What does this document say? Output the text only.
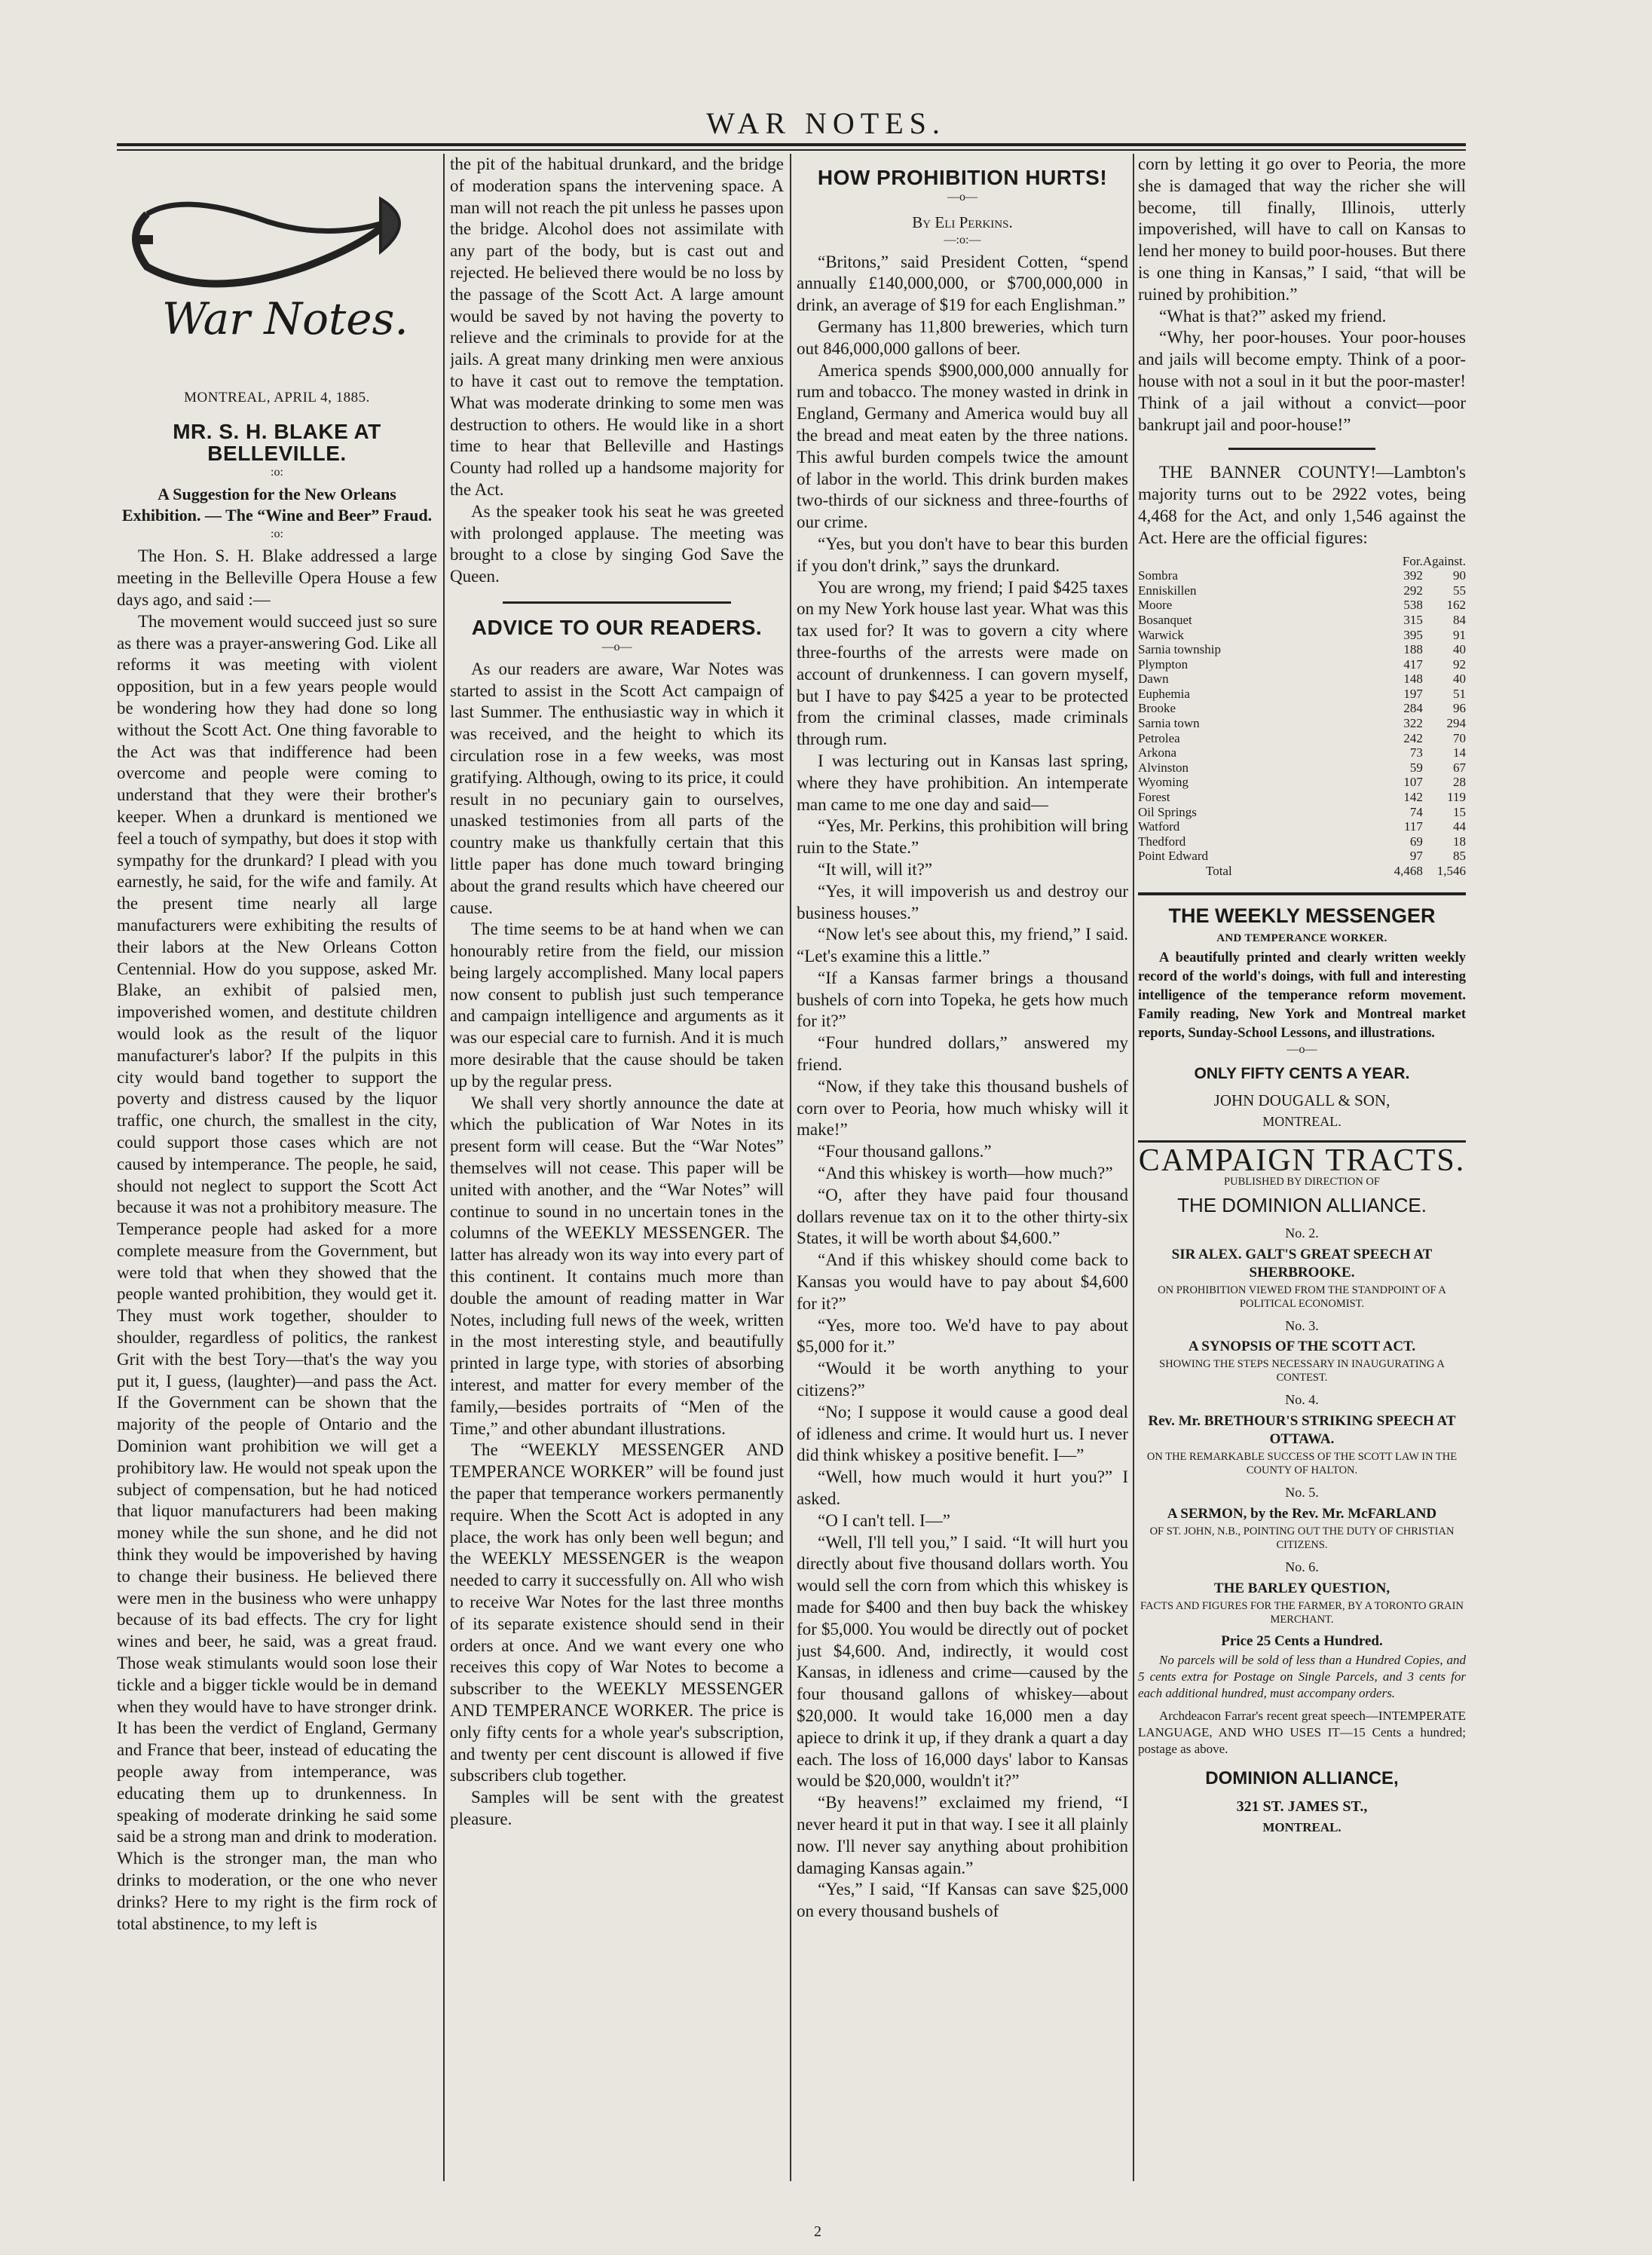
WAR NOTES.
War Notes.
MONTREAL, APRIL 4, 1885.
MR. S. H. BLAKE AT BELLEVILLE.
:o:
A Suggestion for the New Orleans Exhibition. — The “Wine and Beer” Fraud.
:o:

The Hon. S. H. Blake addressed a large meeting in the Belleville Opera House a few days ago, and said :—

The movement would succeed just so sure as there was a prayer-answering God. Like all reforms it was meeting with violent opposition, but in a few years people would be wondering how they had done so long without the Scott Act. One thing favorable to the Act was that indifference had been overcome and people were coming to understand that they were their brother's keeper. When a drunkard is mentioned we feel a touch of sympathy, but does it stop with sympathy for the drunkard? I plead with you earnestly, he said, for the wife and family. At the present time nearly all large manufacturers were exhibiting the results of their labors at the New Orleans Cotton Centennial. How do you suppose, asked Mr. Blake, an exhibit of palsied men, impoverished women, and destitute children would look as the result of the liquor manufacturer's labor? If the pulpits in this city would band together to support the poverty and distress caused by the liquor traffic, one church, the smallest in the city, could support those cases which are not caused by intemperance. The people, he said, should not neglect to support the Scott Act because it was not a prohibitory measure. The Temperance people had asked for a more complete measure from the Government, but were told that when they showed that the people wanted prohibition, they would get it. They must work together, shoulder to shoulder, regardless of politics, the rankest Grit with the best Tory—that's the way you put it, I guess, (laughter)—and pass the Act. If the Government can be shown that the majority of the people of Ontario and the Dominion want prohibition we will get a prohibitory law. He would not speak upon the subject of compensation, but he had noticed that liquor manufacturers had been making money while the sun shone, and he did not think they would be impoverished by having to change their business. He believed there were men in the business who were unhappy because of its bad effects. The cry for light wines and beer, he said, was a great fraud. Those weak stimulants would soon lose their tickle and a bigger tickle would be in demand when they would have to have stronger drink. It has been the verdict of England, Germany and France that beer, instead of educating the people away from intemperance, was educating them up to drunkenness. In speaking of moderate drinking he said some said be a strong man and drink to moderation. Which is the stronger man, the man who drinks to moderation, or the one who never drinks? Here to my right is the firm rock of total abstinence, to my left is

the pit of the habitual drunkard, and the bridge of moderation spans the intervening space. A man will not reach the pit unless he passes upon the bridge. Alcohol does not assimilate with any part of the body, but is cast out and rejected. He believed there would be no loss by the passage of the Scott Act. A large amount would be saved by not having the poverty to relieve and the criminals to provide for at the jails. A great many drinking men were anxious to have it cast out to remove the temptation. What was moderate drinking to some men was destruction to others. He would like in a short time to hear that Belleville and Hastings County had rolled up a handsome majority for the Act.

As the speaker took his seat he was greeted with prolonged applause. The meeting was brought to a close by singing God Save the Queen.

ADVICE TO OUR READERS.
—o—

As our readers are aware, War Notes was started to assist in the Scott Act campaign of last Summer. The enthusiastic way in which it was received, and the height to which its circulation rose in a few weeks, was most gratifying. Although, owing to its price, it could result in no pecuniary gain to ourselves, unasked testimonies from all parts of the country make us thankfully certain that this little paper has done much toward bringing about the grand results which have cheered our cause.

The time seems to be at hand when we can honourably retire from the field, our mission being largely accomplished. Many local papers now consent to publish just such temperance and campaign intelligence and arguments as it was our especial care to furnish. And it is much more desirable that the cause should be taken up by the regular press.

We shall very shortly announce the date at which the publication of War Notes in its present form will cease. But the “War Notes” themselves will not cease. This paper will be united with another, and the “War Notes” will continue to sound in no uncertain tones in the columns of the WEEKLY MESSENGER. The latter has already won its way into every part of this continent. It contains much more than double the amount of reading matter in War Notes, including full news of the week, written in the most interesting style, and beautifully printed in large type, with stories of absorbing interest, and matter for every member of the family,—besides portraits of “Men of the Time,” and other abundant illustrations.

The “WEEKLY MESSENGER AND TEMPERANCE WORKER” will be found just the paper that temperance workers permanently require. When the Scott Act is adopted in any place, the work has only been well begun; and the WEEKLY MESSENGER is the weapon needed to carry it successfully on. All who wish to receive War Notes for the last three months of its separate existence should send in their orders at once. And we want every one who receives this copy of War Notes to become a subscriber to the WEEKLY MESSENGER AND TEMPERANCE WORKER. The price is only fifty cents for a whole year's subscription, and twenty per cent discount is allowed if five subscribers club together.

Samples will be sent with the greatest pleasure.

HOW PROHIBITION HURTS!
—o—
By Eli Perkins.
—:o:—

“Britons,” said President Cotten, “spend annually £140,000,000, or $700,000,000 in drink, an average of $19 for each Englishman.”

Germany has 11,800 breweries, which turn out 846,000,000 gallons of beer.

America spends $900,000,000 annually for rum and tobacco. The money wasted in drink in England, Germany and America would buy all the bread and meat eaten by the three nations. This awful burden compels twice the amount of labor in the world. This drink burden makes two-thirds of our sickness and three-fourths of our crime.

“Yes, but you don't have to bear this burden if you don't drink,” says the drunkard.

You are wrong, my friend; I paid $425 taxes on my New York house last year. What was this tax used for? It was to govern a city where three-fourths of the arrests were made on account of drunkenness. I can govern myself, but I have to pay $425 a year to be protected from the criminal classes, made criminals through rum.

I was lecturing out in Kansas last spring, where they have prohibition. An intemperate man came to me one day and said—

“Yes, Mr. Perkins, this prohibition will bring ruin to the State.”

“It will, will it?”

“Yes, it will impoverish us and destroy our business houses.”

“Now let's see about this, my friend,” I said. “Let's examine this a little.”

“If a Kansas farmer brings a thousand bushels of corn into Topeka, he gets how much for it?”

“Four hundred dollars,” answered my friend.

“Now, if they take this thousand bushels of corn over to Peoria, how much whisky will it make!”

“Four thousand gallons.”

“And this whiskey is worth—how much?”

“O, after they have paid four thousand dollars revenue tax on it to the other thirty-six States, it will be worth about $4,600.”

“And if this whiskey should come back to Kansas you would have to pay about $4,600 for it?”

“Yes, more too. We'd have to pay about $5,000 for it.”

“Would it be worth anything to your citizens?”

“No; I suppose it would cause a good deal of idleness and crime. It would hurt us. I never did think whiskey a positive benefit. I—”

“Well, how much would it hurt you?” I asked.

“O I can't tell. I—”

“Well, I'll tell you,” I said. “It will hurt you directly about five thousand dollars worth. You would sell the corn from which this whiskey is made for $400 and then buy back the whiskey for $5,000. You would be directly out of pocket just $4,600. And, indirectly, it would cost Kansas, in idleness and crime—caused by the four thousand gallons of whiskey—about $20,000. It would take 16,000 men a day apiece to drink it up, if they drank a quart a day each. The loss of 16,000 days' labor to Kansas would be $20,000, wouldn't it?”

“By heavens!” exclaimed my friend, “I never heard it put in that way. I see it all plainly now. I'll never say anything about prohibition damaging Kansas again.”

“Yes,” I said, “If Kansas can save $25,000 on every thousand bushels of

corn by letting it go over to Peoria, the more she is damaged that way the richer she will become, till finally, Illinois, utterly impoverished, will have to call on Kansas to lend her money to build poor-houses. But there is one thing in Kansas,” I said, “that will be ruined by prohibition.”

“What is that?” asked my friend.

“Why, her poor-houses. Your poor-houses and jails will become empty. Think of a poor-house with not a soul in it but the poor-master! Think of a jail without a convict—poor bankrupt jail and poor-house!”

THE BANNER COUNTY!—Lambton's majority turns out to be 2922 votes, being 4,468 for the Act, and only 1,546 against the Act. Here are the official figures:

	For.	Against.
Sombra	392	90
Enniskillen	292	55
Moore	538	162
Bosanquet	315	84
Warwick	395	91
Sarnia township	188	40
Plympton	417	92
Dawn	148	40
Euphemia	197	51
Brooke	284	96
Sarnia town	322	294
Petrolea	242	70
Arkona	73	14
Alvinston	59	67
Wyoming	107	28
Forest	142	119
Oil Springs	74	15
Watford	117	44
Thedford	69	18
Point Edward	97	85
Total	4,468	1,546
THE WEEKLY MESSENGER
AND TEMPERANCE WORKER.

A beautifully printed and clearly written weekly record of the world's doings, with full and interesting intelligence of the temperance reform movement. Family reading, New York and Montreal market reports, Sunday-School Lessons, and illustrations.

—o—
ONLY FIFTY CENTS A YEAR.
JOHN DOUGALL & SON,
MONTREAL.
CAMPAIGN TRACTS.
PUBLISHED BY DIRECTION OF
THE DOMINION ALLIANCE.
No. 2.
SIR ALEX. GALT'S GREAT SPEECH AT SHERBROOKE.
ON PROHIBITION VIEWED FROM THE STANDPOINT OF A POLITICAL ECONOMIST.
No. 3.
A SYNOPSIS OF THE SCOTT ACT.
SHOWING THE STEPS NECESSARY IN INAUGURATING A CONTEST.
No. 4.
Rev. Mr. BRETHOUR'S STRIKING SPEECH AT OTTAWA.
ON THE REMARKABLE SUCCESS OF THE SCOTT LAW IN THE COUNTY OF HALTON.
No. 5.
A SERMON, by the Rev. Mr. McFARLAND
OF ST. JOHN, N.B., POINTING OUT THE DUTY OF CHRISTIAN CITIZENS.
No. 6.
THE BARLEY QUESTION,
FACTS AND FIGURES FOR THE FARMER, BY A TORONTO GRAIN MERCHANT.
Price 25 Cents a Hundred.

No parcels will be sold of less than a Hundred Copies, and 5 cents extra for Postage on Single Parcels, and 3 cents for each additional hundred, must accompany orders.

Archdeacon Farrar's recent great speech—INTEMPERATE LANGUAGE, AND WHO USES IT—15 Cents a hundred; postage as above.

DOMINION ALLIANCE,
321 ST. JAMES ST.,
MONTREAL.
2
